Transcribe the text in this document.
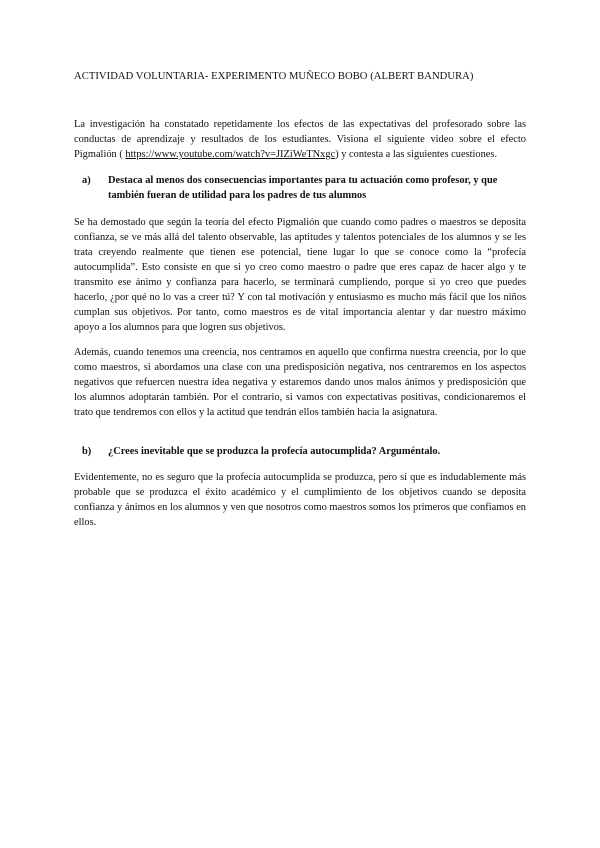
ACTIVIDAD VOLUNTARIA- EXPERIMENTO MUÑECO BOBO (ALBERT BANDURA)
La investigación ha constatado repetidamente los efectos de las expectativas del profesorado sobre las conductas de aprendizaje y resultados de los estudiantes. Visiona el siguiente video sobre el efecto Pigmalión ( https://www.youtube.com/watch?v=JIZiWeTNxgc) y contesta a las siguientes cuestiones.
a) Destaca al menos dos consecuencias importantes para tu actuación como profesor, y que también fueran de utilidad para los padres de tus alumnos
Se ha demostado que según la teoría del efecto Pigmalión que cuando como padres o maestros se deposita confianza, se ve más allá del talento observable, las aptitudes y talentos potenciales de los alumnos y se les trata creyendo realmente que tienen ese potencial, tiene lugar lo que se conoce como la “profecía autocumplida”. Esto consiste en que si yo creo como maestro o padre que eres capaz de hacer algo y te transmito ese ánimo y confianza para hacerlo, se terminará cumpliendo, porque si yo creo que puedes hacerlo, ¿por qué no lo vas a creer tú? Y con tal motivación y entusiasmo es mucho más fácil que los niños cumplan sus objetivos. Por tanto, como maestros es de vital importancia alentar y dar nuestro máximo apoyo a los alumnos para que logren sus objetivos.
Además, cuando tenemos una creencia, nos centramos en aquello que confirma nuestra creencia, por lo que como maestros, si abordamos una clase con una predisposición negativa, nos centraremos en los aspectos negativos que refuercen nuestra idea negativa y estaremos dando unos malos ánimos y predisposición que los alumnos adoptarán también. Por el contrario, si vamos con expectativas positivas, condicionaremos el trato que tendremos con ellos y la actitud que tendrán ellos también hacia la asignatura.
b) ¿Crees inevitable que se produzca la profecía autocumplida? Arguméntalo.
Evidentemente, no es seguro que la profecía autocumplida se produzca, pero sí que es indudablemente más probable que se produzca el éxito académico y el cumplimiento de los objetivos cuando se deposita confianza y ánimos en los alumnos y ven que nosotros como maestros somos los primeros que confiamos en ellos.
